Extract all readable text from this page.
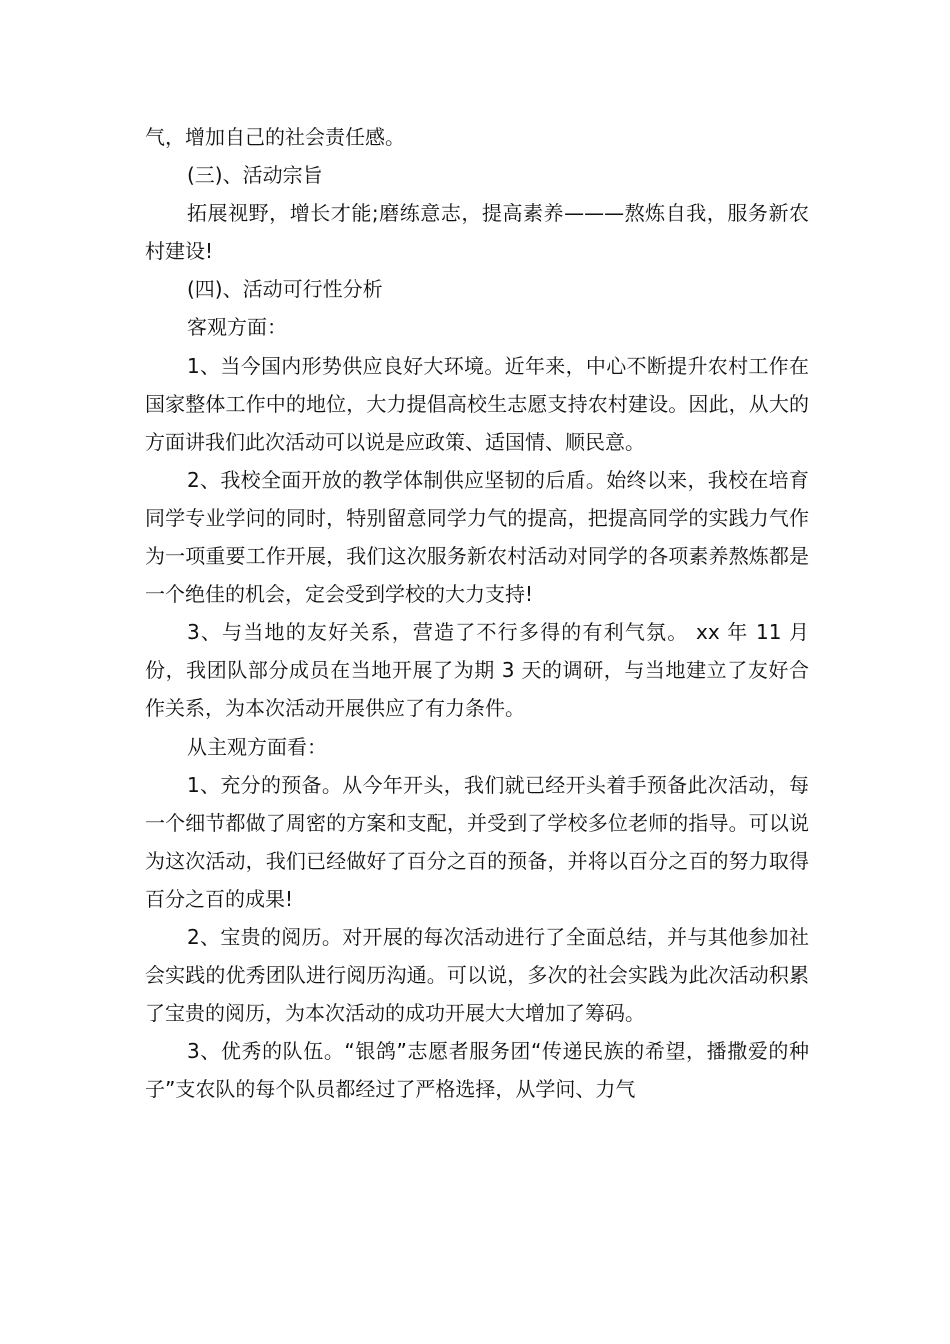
气，增加自己的社会责任感。

(三)、活动宗旨

拓展视野，增长才能;磨练意志，提高素养———熬炼自我，服务新农村建设!

(四)、活动可行性分析

客观方面：

1、当今国内形势供应良好大环境。近年来，中心不断提升农村工作在国家整体工作中的地位，大力提倡高校生志愿支持农村建设。因此，从大的方面讲我们此次活动可以说是应政策、适国情、顺民意。

2、我校全面开放的教学体制供应坚韧的后盾。始终以来，我校在培育同学专业学问的同时，特别留意同学力气的提高，把提高同学的实践力气作为一项重要工作开展，我们这次服务新农村活动对同学的各项素养熬炼都是一个绝佳的机会，定会受到学校的大力支持!

3、与当地的友好关系，营造了不行多得的有利气氛。 xx 年 11 月份，我团队部分成员在当地开展了为期 3 天的调研，与当地建立了友好合作关系，为本次活动开展供应了有力条件。

从主观方面看：

1、充分的预备。从今年开头，我们就已经开头着手预备此次活动，每一个细节都做了周密的方案和支配，并受到了学校多位老师的指导。可以说为这次活动，我们已经做好了百分之百的预备，并将以百分之百的努力取得百分之百的成果!

2、宝贵的阅历。对开展的每次活动进行了全面总结，并与其他参加社会实践的优秀团队进行阅历沟通。可以说，多次的社会实践为此次活动积累了宝贵的阅历，为本次活动的成功开展大大增加了筹码。

3、优秀的队伍。“银鸽”志愿者服务团“传递民族的希望，播撒爱的种子”支农队的每个队员都经过了严格选择，从学问、力气
